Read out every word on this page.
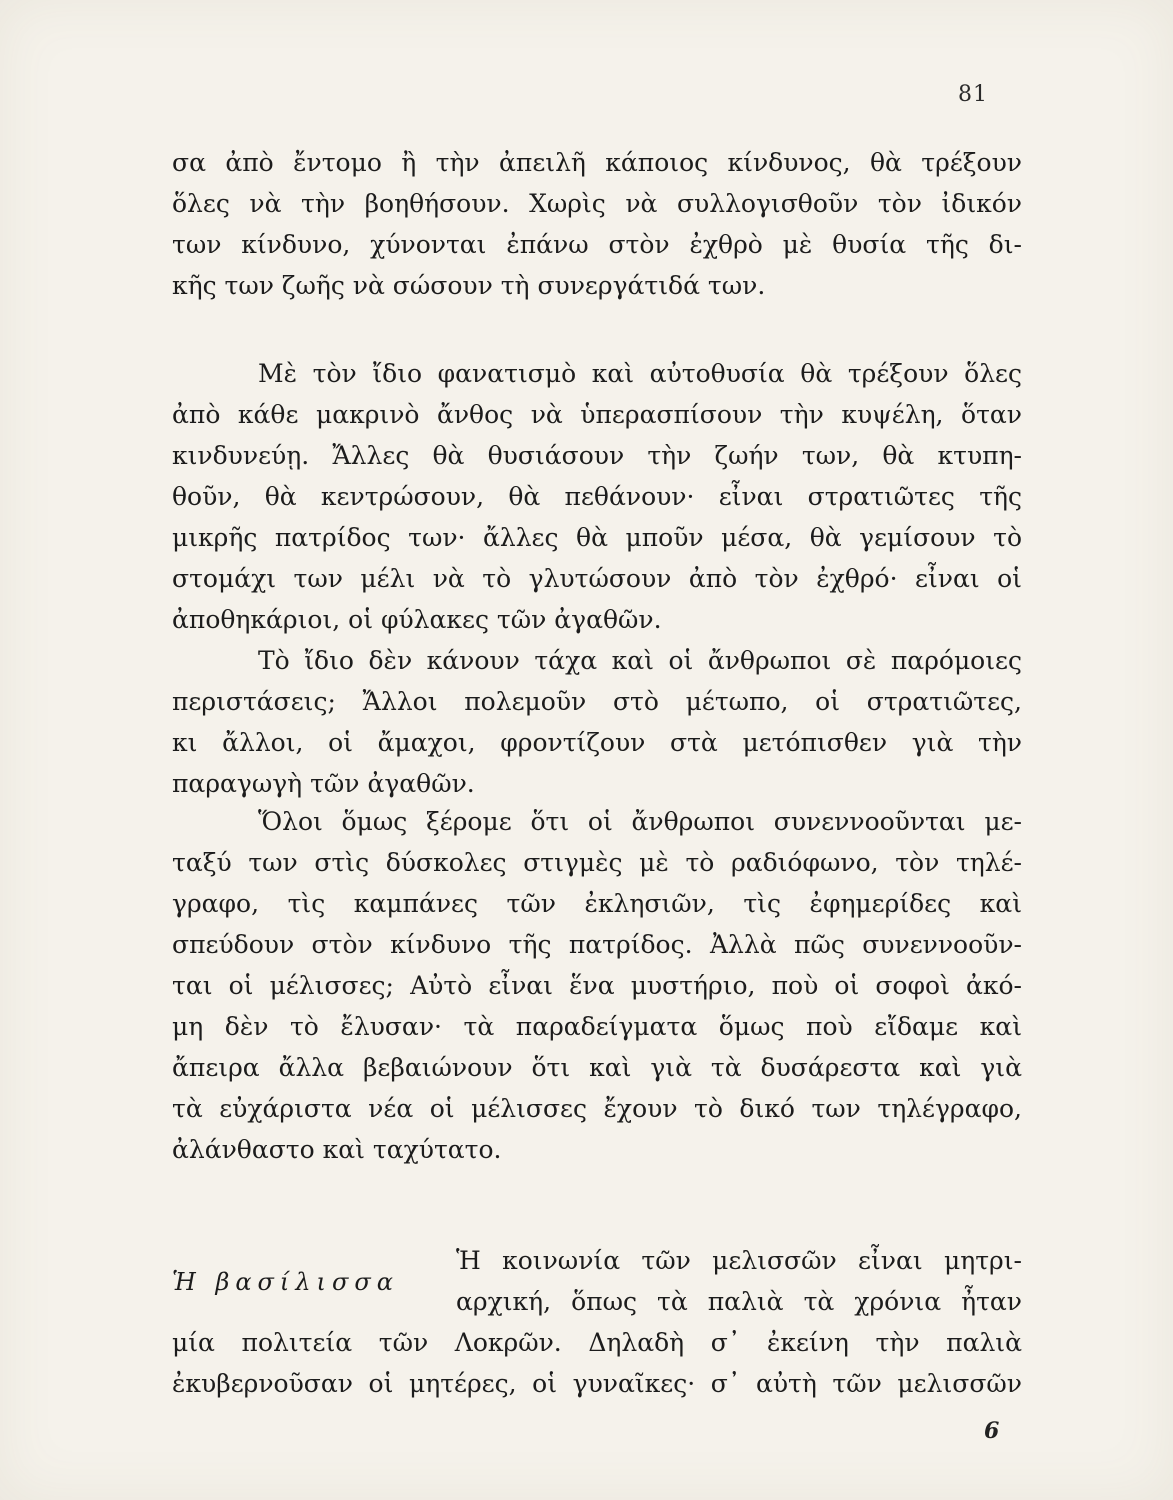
81
σα ἀπὸ ἔντομο ἢ τὴν ἀπειλῆ κάποιος κίνδυνος, θὰ τρέξουν
ὅλες νὰ τὴν βοηθήσουν. Χωρὶς νὰ συλλογισθοῦν τὸν ἰδικόν
των κίνδυνο, χύνονται ἐπάνω στὸν ἐχθρὸ μὲ θυσία τῆς δι-
κῆς των ζωῆς νὰ σώσουν τὴ συνεργάτιδά των.
Μὲ τὸν ἴδιο φανατισμὸ καὶ αὐτοθυσία θὰ τρέξουν ὅλες
ἀπὸ κάθε μακρινὸ ἄνθος νὰ ὑπερασπίσουν τὴν κυψέλη, ὅταν
κινδυνεύῃ. Ἄλλες θὰ θυσιάσουν τὴν ζωήν των, θὰ κτυπη-
θοῦν, θὰ κεντρώσουν, θὰ πεθάνουν· εἶναι στρατιῶτες τῆς
μικρῆς πατρίδος των· ἄλλες θὰ μποῦν μέσα, θὰ γεμίσουν τὸ
στομάχι των μέλι νὰ τὸ γλυτώσουν ἀπὸ τὸν ἐχθρό· εἶναι οἱ
ἀποθηκάριοι, οἱ φύλακες τῶν ἀγαθῶν.
Τὸ ἴδιο δὲν κάνουν τάχα καὶ οἱ ἄνθρωποι σὲ παρόμοιες
περιστάσεις; Ἄλλοι πολεμοῦν στὸ μέτωπο, οἱ στρατιῶτες,
κι ἄλλοι, οἱ ἄμαχοι, φροντίζουν στὰ μετόπισθεν γιὰ τὴν
παραγωγὴ τῶν ἀγαθῶν.
Ὅλοι ὅμως ξέρομε ὅτι οἱ ἄνθρωποι συνεννοοῦνται με-
ταξύ των στὶς δύσκολες στιγμὲς μὲ τὸ ραδιόφωνο, τὸν τηλέ-
γραφο, τὶς καμπάνες τῶν ἐκλησιῶν, τὶς ἐφημερίδες καὶ
σπεύδουν στὸν κίνδυνο τῆς πατρίδος. Ἀλλὰ πῶς συνεννοοῦν-
ται οἱ μέλισσες; Αὐτὸ εἶναι ἕνα μυστήριο, ποὺ οἱ σοφοὶ ἀκό-
μη δὲν τὸ ἔλυσαν· τὰ παραδείγματα ὅμως ποὺ εἴδαμε καὶ
ἄπειρα ἄλλα βεβαιώνουν ὅτι καὶ γιὰ τὰ δυσάρεστα καὶ γιὰ
τὰ εὐχάριστα νέα οἱ μέλισσες ἔχουν τὸ δικό των τηλέγραφο,
ἀλάνθαστο καὶ ταχύτατο.
Ἡ βασίλισσα
Ἡ κοινωνία τῶν μελισσῶν εἶναι μητρι-
αρχική, ὅπως τὰ παλιὰ τὰ χρόνια ἦταν
μία πολιτεία τῶν Λοκρῶν. Δηλαδὴ σ᾽ ἐκείνη τὴν παλιὰ
ἐκυβερνοῦσαν οἱ μητέρες, οἱ γυναῖκες· σ᾽ αὐτὴ τῶν μελισσῶν
6
